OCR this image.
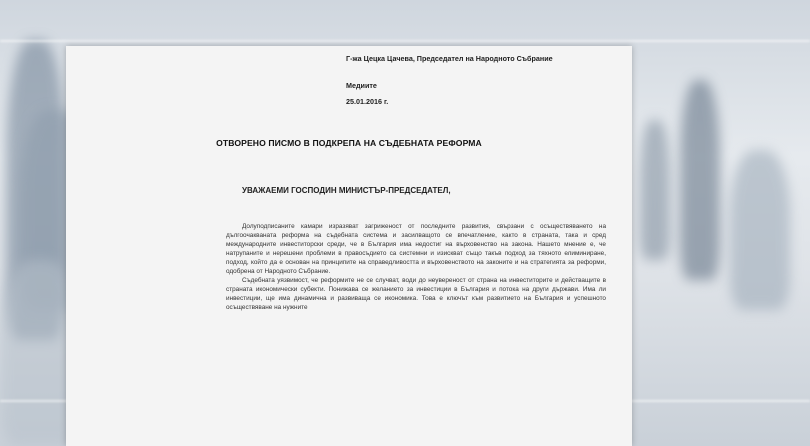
Г-жа Цецка Цачева, Председател на Народното Събрание
Медиите
25.01.2016 г.
ОТВОРЕНО ПИСМО В ПОДКРЕПА НА СЪДЕБНАТА РЕФОРМА
УВАЖАЕМИ ГОСПОДИН МИНИСТЪР-ПРЕДСЕДАТЕЛ,

Долуподписаните камари изразяват загриженост от последните развития, свързани с осъществяването на дългоочакваната реформа на съдебната система и засилващото се впечатление, както в страната, така и сред международните инвеститорски среди, че в България има недостиг на върховенство на закона. Нашето мнение е, че натрупаните и нерешени проблеми в правосъдието са системни и изискват също такъв подход за тяхното елиминиране, подход, който да е основан на принципите на справедливостта и върховенството на законите и на стратегията за реформи, одобрена от Народното Събрание.

Съдебната уязвимост, че реформите не се случват, води до неувереност от страна на инвеститорите и действащите в страната икономически субекти. Понижава се желанието за инвестиции в България и потока на други държави. Има ли инвестиции, ще има динамична и развиваща се икономика. Това е ключът към развитието на България и успешното осъществяване на нужните
